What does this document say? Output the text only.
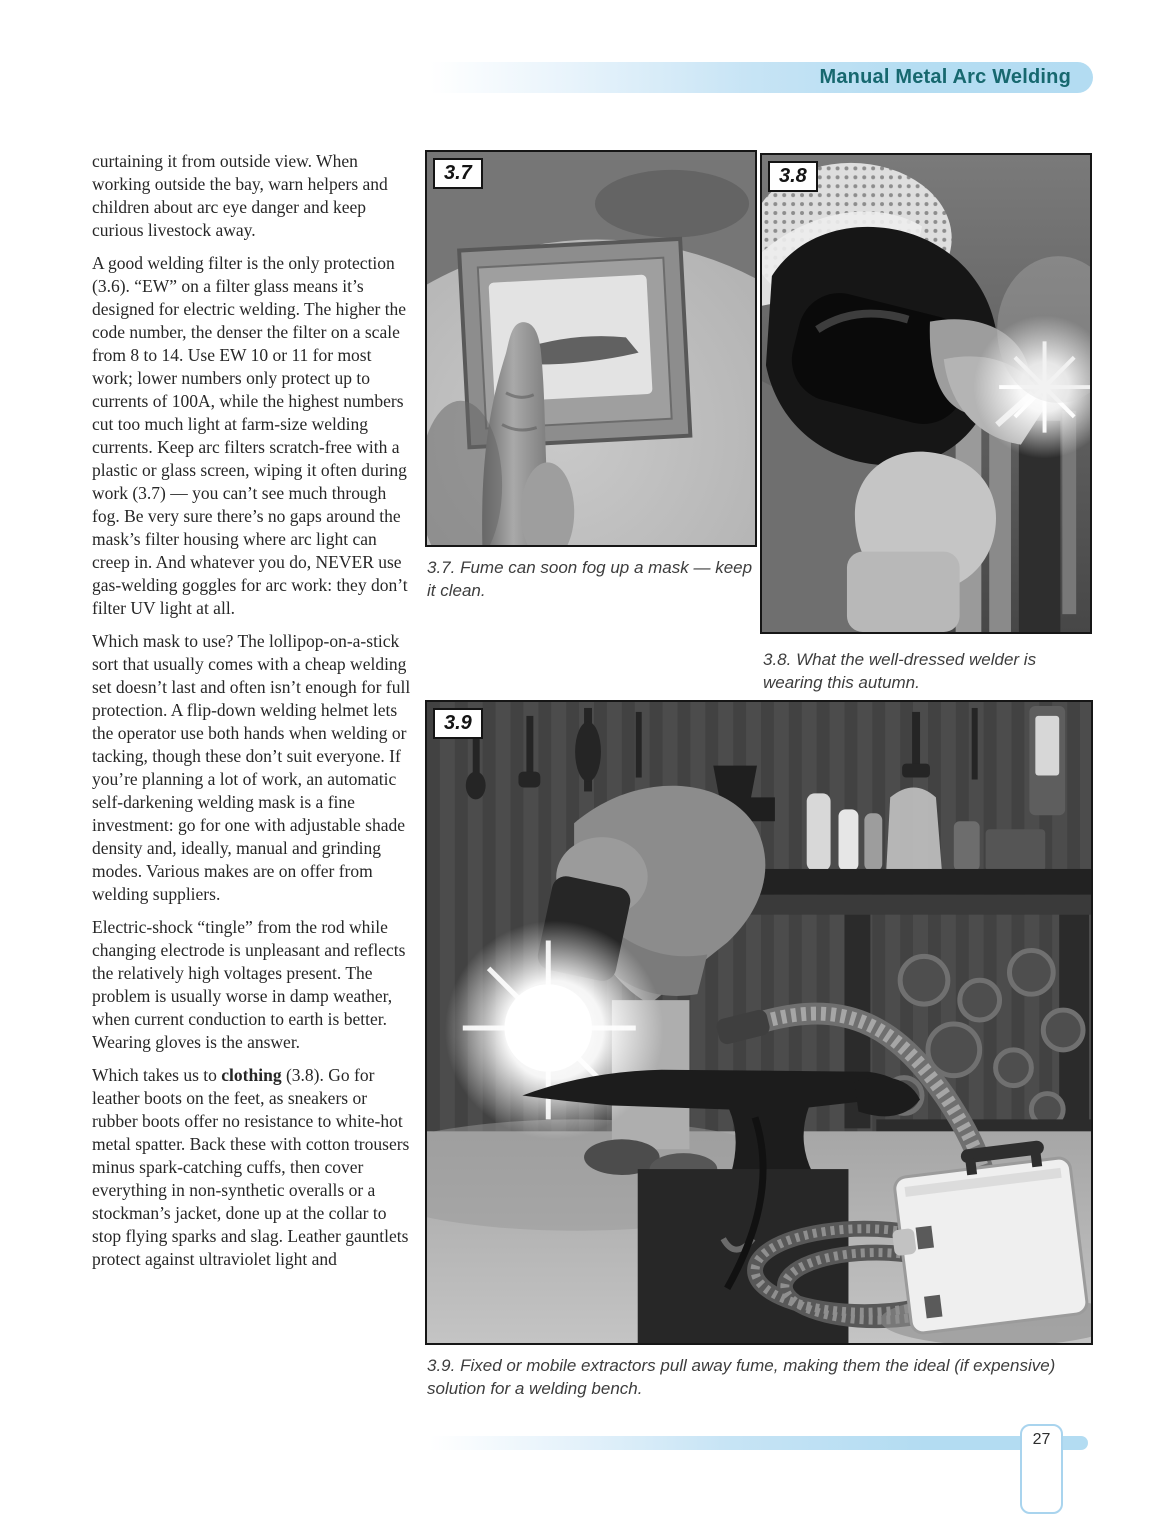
Manual Metal Arc Welding

curtaining it from outside view. When working outside the bay, warn helpers and children about arc eye danger and keep curious livestock away.

A good welding filter is the only protection (3.6). “EW” on a filter glass means it’s designed for electric welding. The higher the code number, the denser the filter on a scale from 8 to 14. Use EW 10 or 11 for most work; lower numbers only protect up to currents of 100A, while the highest numbers cut too much light at farm-size welding currents. Keep arc filters scratch-free with a plastic or glass screen, wiping it often during work (3.7) — you can’t see much through fog. Be very sure there’s no gaps around the mask’s filter housing where arc light can creep in. And whatever you do, NEVER use gas-welding goggles for arc work: they don’t filter UV light at all.

Which mask to use? The lollipop-on-a-stick sort that usually comes with a cheap welding set doesn’t last and often isn’t enough for full protection. A flip-down welding helmet lets the operator use both hands when welding or tacking, though these don’t suit everyone. If you’re planning a lot of work, an automatic self-darkening welding mask is a fine investment: go for one with adjustable shade density and, ideally, manual and grinding modes. Various makes are on offer from welding suppliers.

Electric-shock “tingle” from the rod while changing electrode is unpleasant and reflects the relatively high voltages present. The problem is usually worse in damp weather, when current conduction to earth is better. Wearing gloves is the answer.

Which takes us to clothing (3.8). Go for leather boots on the feet, as sneakers or rubber boots offer no resistance to white-hot metal spatter. Back these with cotton trousers minus spark-catching cuffs, then cover everything in non-synthetic overalls or a stockman’s jacket, done up at the collar to stop flying sparks and slag. Leather gauntlets protect against ultraviolet light and

3.7
3.7. Fume can soon fog up a mask — keep it clean.
3.8
3.8. What the well-dressed welder is wearing this autumn.
3.9
3.9. Fixed or mobile extractors pull away fume, making them the ideal (if expensive) solution for a welding bench.
27
